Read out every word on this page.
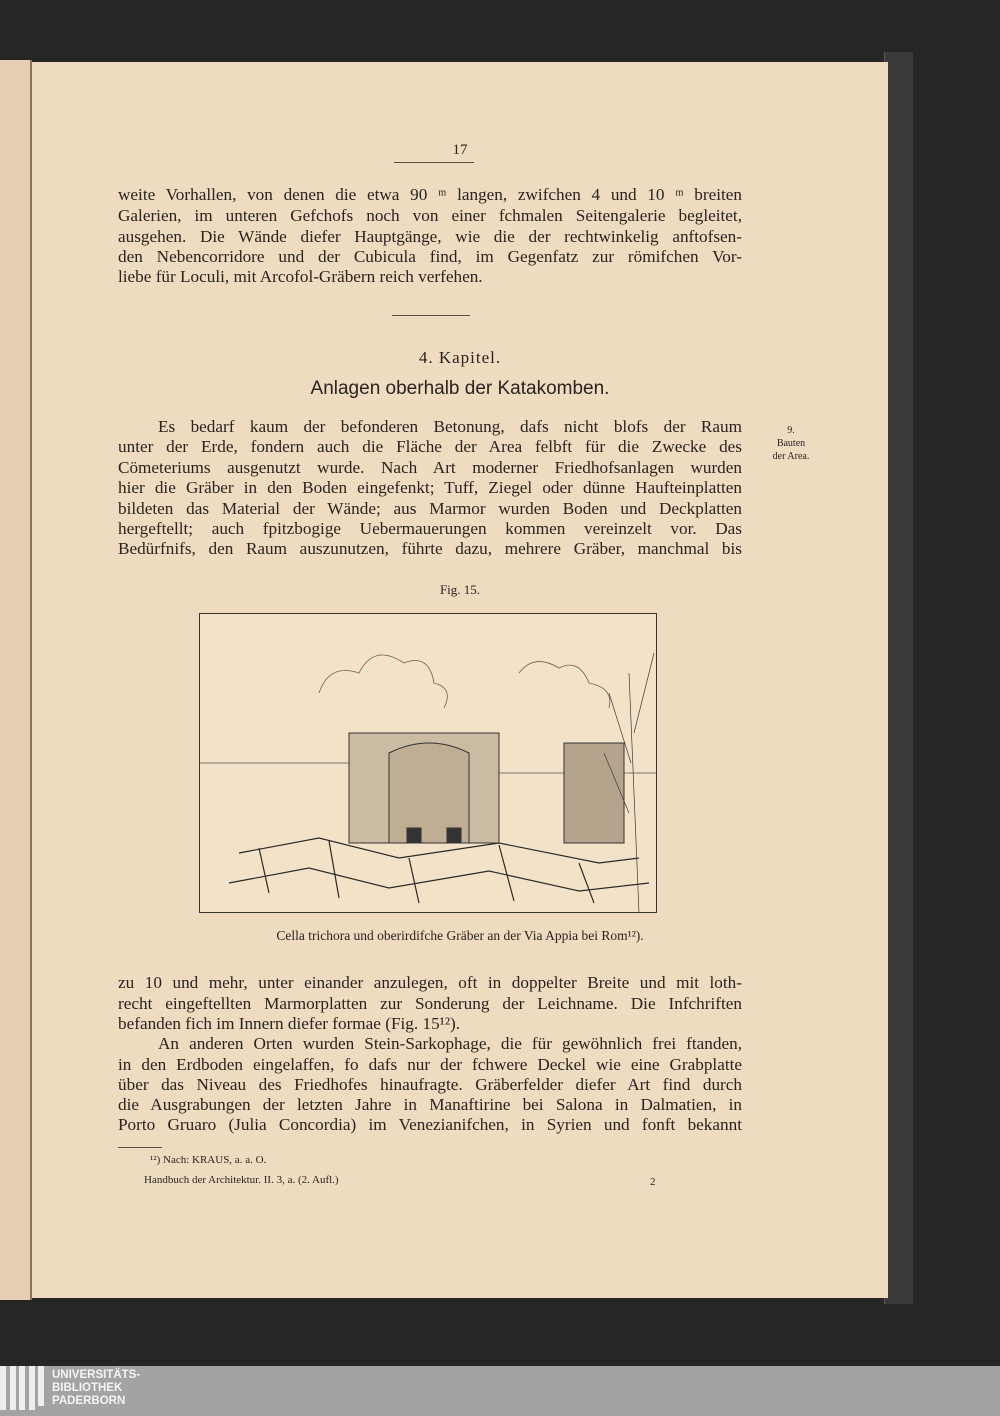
17
weite Vorhallen, von denen die etwa 90 ᵐ langen, zwifchen 4 und 10 ᵐ breiten
Galerien, im unteren Gefchofs noch von einer fchmalen Seitengalerie begleitet,
ausgehen. Die Wände diefer Hauptgänge, wie die der rechtwinkelig anftofsen-
den Nebencorridore und der Cubicula find, im Gegenfatz zur römifchen Vor-
liebe für Loculi, mit Arcofol-Gräbern reich verfehen.
4. Kapitel.
Anlagen oberhalb der Katakomben.
Es bedarf kaum der befonderen Betonung, dafs nicht blofs der Raum
unter der Erde, fondern auch die Fläche der Area felbft für die Zwecke des
Cömeteriums ausgenutzt wurde. Nach Art moderner Friedhofsanlagen wurden
hier die Gräber in den Boden eingefenkt; Tuff, Ziegel oder dünne Haufteinplatten
bildeten das Material der Wände; aus Marmor wurden Boden und Deckplatten
hergeftellt; auch fpitzbogige Uebermauerungen kommen vereinzelt vor. Das
Bedürfnifs, den Raum auszunutzen, führte dazu, mehrere Gräber, manchmal bis
9.
Bauten
der Area.
Fig. 15.
Cella trichora und oberirdifche Gräber an der Via Appia bei Rom¹²).
zu 10 und mehr, unter einander anzulegen, oft in doppelter Breite und mit loth-
recht eingeftellten Marmorplatten zur Sonderung der Leichname. Die Infchriften
befanden fich im Innern diefer formae (Fig. 15¹²).
An anderen Orten wurden Stein-Sarkophage, die für gewöhnlich frei ftanden,
in den Erdboden eingelaffen, fo dafs nur der fchwere Deckel wie eine Grabplatte
über das Niveau des Friedhofes hinaufragte. Gräberfelder diefer Art find durch
die Ausgrabungen der letzten Jahre in Manaftirine bei Salona in Dalmatien, in
Porto Gruaro (Julia Concordia) im Venezianifchen, in Syrien und fonft bekannt
¹²) Nach: KRAUS, a. a. O.
Handbuch der Architektur. II. 3, a. (2. Aufl.)	2
UNIVERSITÄTS-
BIBLIOTHEK
PADERBORN
